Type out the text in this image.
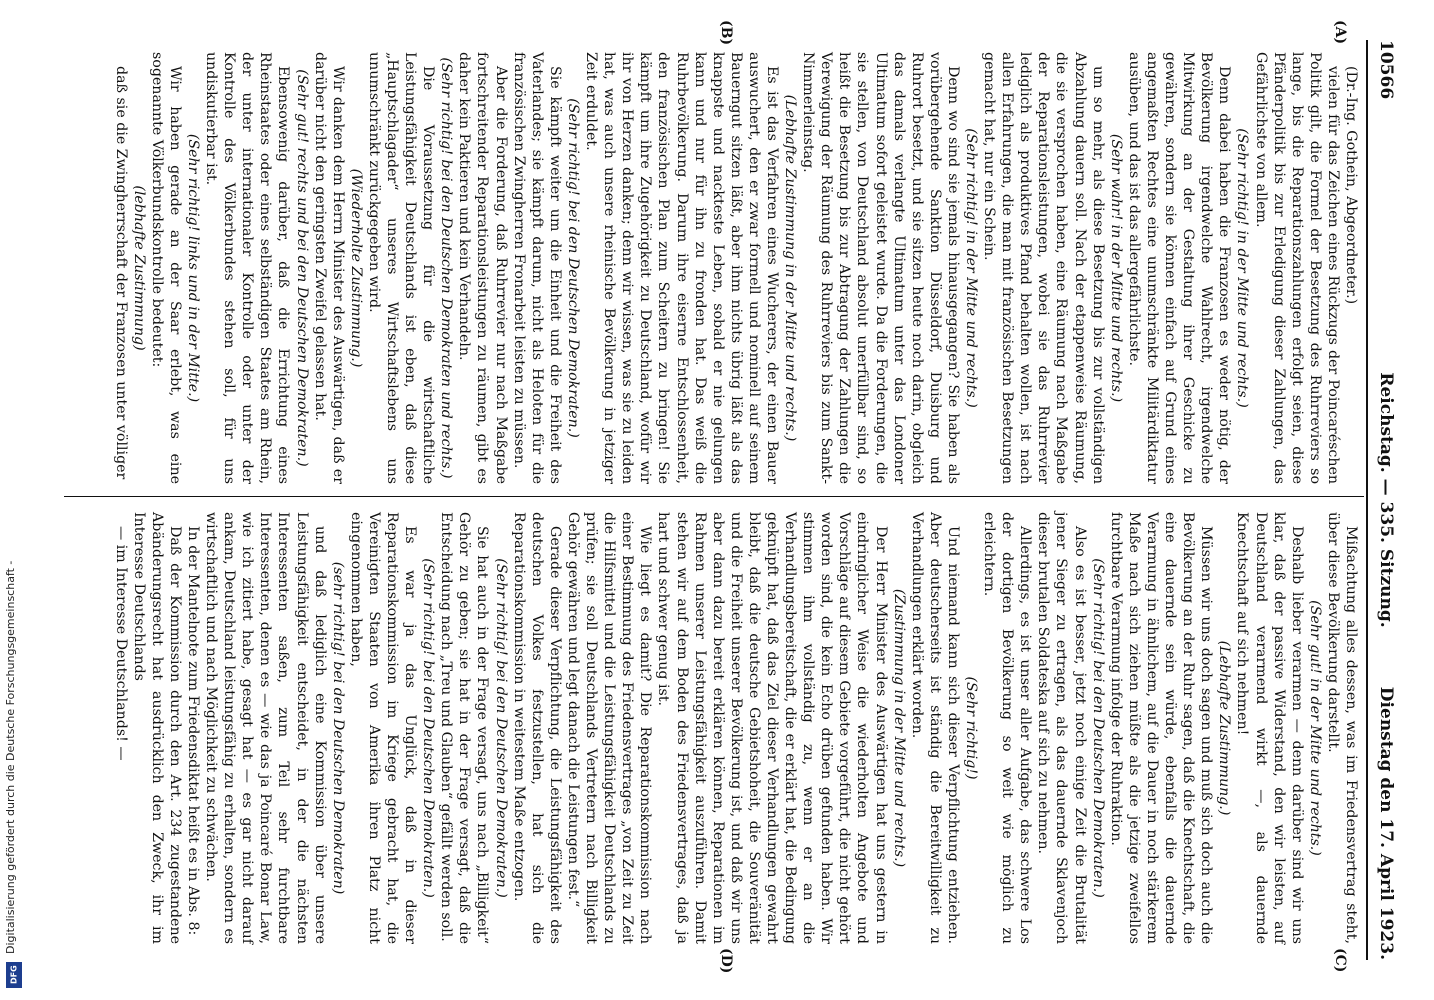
10566
Reichstag. — 335. Sitzung.
Dienstag den 17. April 1923.
(A)
(B)
(C)
(D)

(Dr.-Ing. Gothein, Abgeordneter.)

vielen für das Zeichen eines Rückzugs der Poincaréschen Politik gilt, die Formel der Besetzung des Ruhrreviers so lange, bis die Reparationszahlungen erfolgt seien, diese Pfänderpolitik bis zur Erledigung dieser Zahlungen, das Gefährlichste von allem.

(Sehr richtig! in der Mitte und rechts.)

Denn dabei haben die Franzosen es weder nötig, der Bevölkerung irgendwelche Wahlrecht, irgendwelche Mitwirkung an der Gestaltung ihrer Geschicke zu gewähren, sondern sie können einfach auf Grund eines angemaßten Rechtes eine unumschränkte Militärdiktatur ausüben, und das ist das allergefährlichste.

(Sehr wahr! in der Mitte und rechts.)

um so mehr, als diese Besetzung bis zur vollständigen Abzahlung dauern soll. Nach der etappenweise Räumung, die sie versprochen haben, eine Räumung nach Maßgabe der Reparationsleistungen, wobei sie das Ruhrrevier lediglich als produktives Pfand behalten wollen, ist nach allen Erfahrungen, die man mit französischen Besetzungen gemacht hat, nur ein Schein.

(Sehr richtig! in der Mitte und rechts.)

Denn wo sind sie jemals hinausgegangen? Sie haben als vorübergehende Sanktion Düsseldorf, Duisburg und Ruhrort besetzt, und sie sitzen heute noch darin, obgleich das damals verlangte Ultimatum unter das Londoner Ultimatum sofort geleistet wurde. Da die Forderungen, die sie stellen, von Deutschland absolut unerfüllbar sind, so heißt die Besetzung bis zur Abtragung der Zahlungen die Verewigung der Räumung des Ruhrreviers bis zum Sankt-Nimmerleinstag.

(Lebhafte Zustimmung in der Mitte und rechts.)

Es ist das Verfahren eines Wucherers, der einen Bauer auswuchert, den er zwar formell und nominell auf seinem Bauerngut sitzen läßt, aber ihm nichts übrig läßt als das knappste und nackteste Leben, sobald er nie gelungen kann und nur für ihn zu fronden hat. Das weiß die Ruhrbevölkerung. Darum ihre eiserne Entschlossenheit, den französischen Plan zum Scheitern zu bringen! Sie kämpft um ihre Zugehörigkeit zu Deutschland, wofür wir ihr von Herzen danken; denn wir wissen, was sie zu leiden hat, was auch unsere rheinische Bevölkerung in jetziger Zeit erduldet.

(Sehr richtig! bei den Deutschen Demokraten.)

Sie kämpft weiter um die Einheit und die Freiheit des Vaterlandes; sie kämpft darum, nicht als Heloten für die französischen Zwingherren Fronarbeit leisten zu müssen.

Aber die Forderung, daß Ruhrrevier nur nach Maßgabe fortschreitender Reparationsleistungen zu räumen, gibt es daher kein Paktieren und kein Verhandeln.

(Sehr richtig! bei den Deutschen Demokraten und rechts.)

Die Voraussetzung für die wirtschaftliche Leistungsfähigkeit Deutschlands ist eben, daß diese „Hauptschlagader“ unseres Wirtschaftslebens uns unumschränkt zurückgegeben wird.

(Wiederholte Zustimmung.)

Wir danken dem Herrn Minister des Auswärtigen, daß er darüber nicht den geringsten Zweifel gelassen hat.

(Sehr gut! rechts und bei den Deutschen Demokraten.)

Ebensowenig darüber, daß die Errichtung eines Rheinstaates oder eines selbständigen Staates am Rhein, der unter internationaler Kontrolle oder unter der Kontrolle des Völkerbundes stehen soll, für uns undiskutierbar ist.

(Sehr richtig! links und in der Mitte.)

Wir haben gerade an der Saar erlebt, was eine sogenannte Völkerbundskontrolle bedeutet:

(lebhafte Zustimmung)

daß sie die Zwingherrschaft der Franzosen unter völliger

Mißachtung alles dessen, was im Friedensvertrag steht, über diese Bevölkerung darstellt.

(Sehr gut! in der Mitte und rechts.)

Deshalb lieber verarmen — denn darüber sind wir uns klar, daß der passive Widerstand, den wir leisten, auf Deutschland verarmend wirkt —, als dauernde Knechtschaft auf sich nehmen!

(Lebhafte Zustimmung.)

Müssen wir uns doch sagen und muß sich doch auch die Bevölkerung an der Ruhr sagen, daß die Knechtschaft, die eine dauernde sein würde, ebenfalls die dauernde Verarmung in ähnlichem, auf die Dauer in noch stärkerem Maße nach sich ziehen müßte als die jetzige zweifellos furchtbare Verarmung infolge der Ruhraktion.

(Sehr richtig! bei den Deutschen Demokraten.)

Also es ist besser, jetzt noch einige Zeit die Brutalität jener Sieger zu ertragen, als das dauernde Sklavenjoch dieser brutalen Soldateska auf sich zu nehmen.

Allerdings, es ist unser aller Aufgabe, das schwere Los der dortigen Bevölkerung so weit wie möglich zu erleichtern.

(Sehr richtig!)

Und niemand kann sich dieser Verpflichtung entziehen. Aber deutscherseits ist ständig die Bereitwilligkeit zu Verhandlungen erklärt worden.

(Zustimmung in der Mitte und rechts.)

Der Herr Minister des Auswärtigen hat uns gestern in eindringlicher Weise die wiederholten Angebote und Vorschläge auf diesem Gebiete vorgeführt, die nicht gehört worden sind, die kein Echo drüben gefunden haben. Wir stimmen ihm vollständig zu, wenn er an die Verhandlungsbereitschaft, die er erklärt hat, die Bedingung geknüpft hat, daß das Ziel dieser Verhandlungen gewahrt bleibt, daß die deutsche Gebietshoheit, die Souveränität und die Freiheit unserer Bevölkerung ist, und daß wir uns aber dann dazu bereit erklären können, Reparationen im Rahmen unserer Leistungsfähigkeit auszuführen. Damit stehen wir auf dem Boden des Friedensvertrages, daß ja hart und schwer genug ist.

Wie liegt es damit? Die Reparationskommission nach einer Bestimmung des Friedensvertrages „von Zeit zu Zeit die Hilfsmittel und die Leistungsfähigkeit Deutschlands zu prüfen; sie soll Deutschlands Vertretern nach Billigkeit Gehör gewähren und legt danach die Leistungen fest.“

Gerade dieser Verpflichtung, die Leistungsfähigkeit des deutschen Volkes festzustellen, hat sich die Reparationskommission in weitestem Maße entzogen.

(Sehr richtig! bei den Deutschen Demokraten.)

Sie hat auch in der Frage versagt, uns nach „Billigkeit“ Gehör zu geben; sie hat in der Frage versagt, daß die Entscheidung nach „Treu und Glauben“ gefällt werden soll.

(Sehr richtig! bei den Deutschen Demokraten.)

Es war ja das Unglück, daß in dieser Reparationskommission im Kriege gebracht hat, die Vereinigten Staaten von Amerika ihren Platz nicht eingenommen haben,

(sehr richtig! bei den Deutschen Demokraten)

und daß lediglich eine Kommission über unsere Leistungsfähigkeit entscheidet, in der die nächsten Interessenten saßen, zum Teil sehr furchtbare Interessenten, denen es — wie das ja Poincaré Bonar Law, wie ich zitiert habe, gesagt hat — es gar nicht darauf ankam, Deutschland leistungsfähig zu erhalten, sondern es wirtschaftlich und nach Möglichkeit zu schwächen.

In der Mantelnote zum Friedensdiktat heißt es in Abs. 8:

Daß der Kommission durch den Art. 234 zugestandene Abänderungsrecht hat ausdrücklich den Zweck, ihr im Interesse Deutschlands

— im Interesse Deutschlands! —

Digitalisierung gefördert durch die Deutsche Forschungsgemeinschaft -
DFG
